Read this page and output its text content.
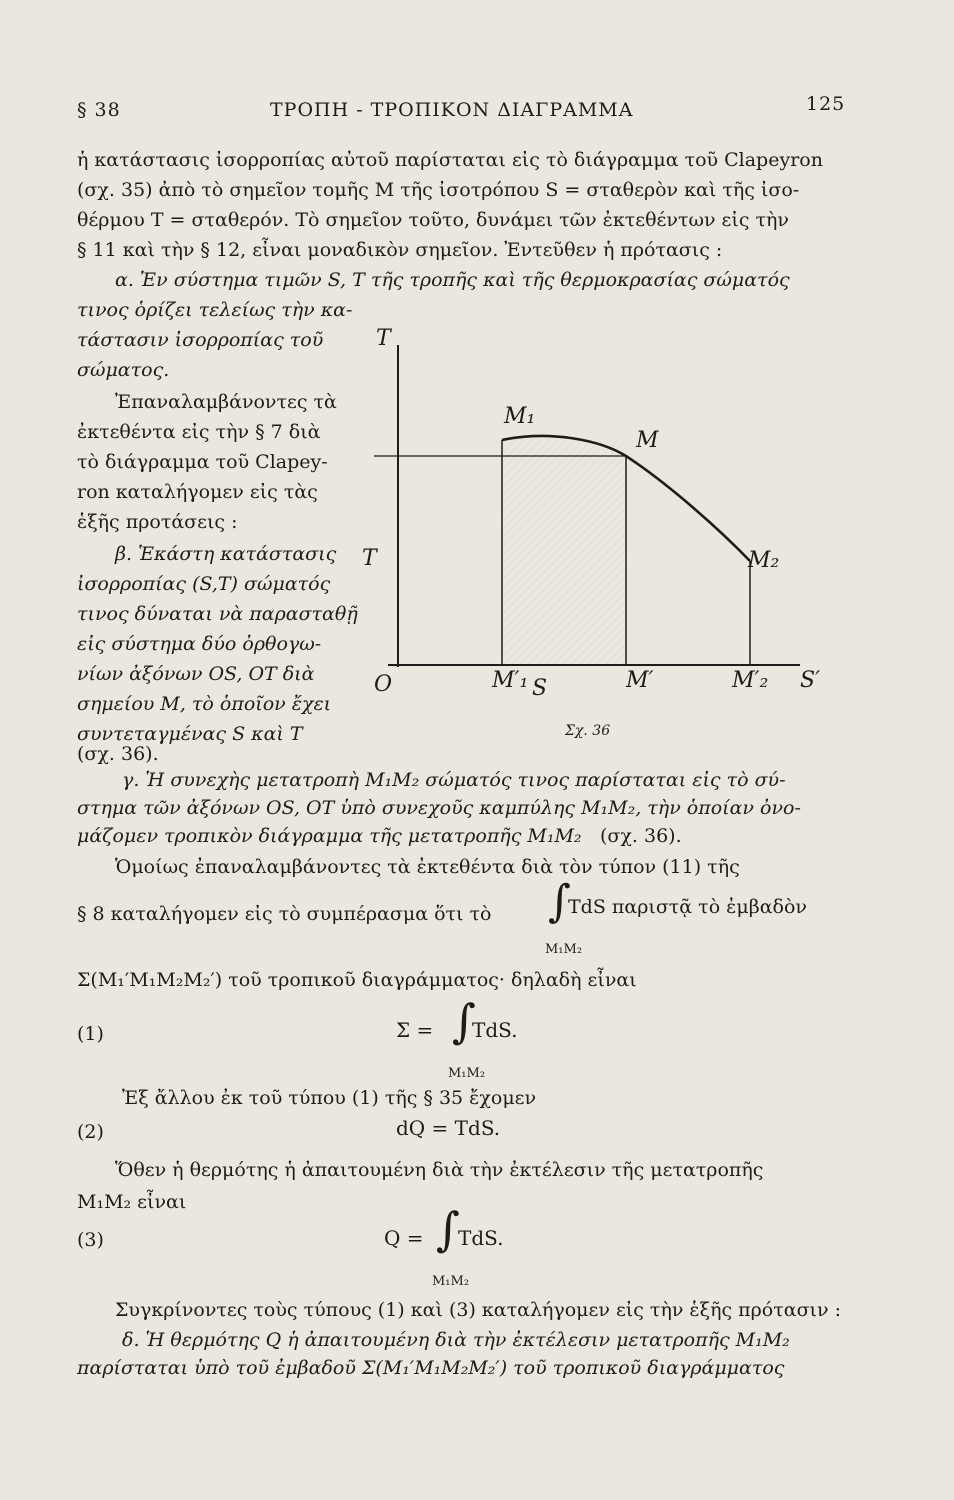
§ 38	ΤΡΟΠΗ - ΤΡΟΠΙΚΟΝ ΔΙΑΓΡΑΜΜΑ	125
ἡ κατάστασις ἰσορροπίας αὐτοῦ παρίσταται εἰς τὸ διάγραμμα τοῦ Clapeyron
(σχ. 35) ἀπὸ τὸ σημεῖον τομῆς M τῆς ἰσοτρόπου S = σταθερὸν καὶ τῆς ἰσο-
θέρμου T = σταθερόν. Τὸ σημεῖον τοῦτο, δυνάμει τῶν ἐκτεθέντων εἰς τὴν
§ 11 καὶ τὴν § 12, εἶναι μοναδικὸν σημεῖον. Ἐντεῦθεν ἡ πρότασις :
α. Ἐν σύστημα τιμῶν S, T τῆς τροπῆς καὶ τῆς θερμοκρασίας σώματός
τινος ὁρίζει τελείως τὴν κα-
τάστασιν ἰσορροπίας τοῦ
σώματος.
Ἐπαναλαμβάνοντες τὰ
ἐκτεθέντα εἰς τὴν § 7 διὰ
τὸ διάγραμμα τοῦ Clapey-
ron καταλήγομεν εἰς τὰς
ἑξῆς προτάσεις :
β. Ἑκάστη κατάστασις
ἰσορροπίας (S,T) σώματός
τινος δύναται νὰ παρασταθῇ
εἰς σύστημα δύο ὀρθογω-
νίων ἀξόνων OS, OT διὰ
σημείου M, τὸ ὁποῖον ἔχει
συντεταγμένας S καὶ T
(σχ. 36).
T
T
O
M₁
M
M₂
M′₁ S	M′	M′₂ S′
Σχ. 36
γ. Ἡ συνεχὴς μετατροπὴ M₁M₂ σώματός τινος παρίσταται εἰς τὸ σύ-
στημα τῶν ἀξόνων OS, OT ὑπὸ συνεχοῦς καμπύλης M₁M₂, τὴν ὁποίαν ὀνο-
μάζομεν τροπικὸν διάγραμμα τῆς μετατροπῆς M₁M₂ (σχ. 36).
Ὁμοίως ἐπαναλαμβάνοντες τὰ ἐκτεθέντα διὰ τὸν τύπον (11) τῆς
§ 8 καταλήγομεν εἰς τὸ συμπέρασμα ὅτι τὸ ∫
TdS παριστᾷ τὸ ἐμβαδὸν
M₁M₂
Σ(M₁′M₁M₂M₂′) τοῦ τροπικοῦ διαγράμματος· δηλαδὴ εἶναι
(1)	Σ = ∫
TdS.
M₁M₂
Ἐξ ἄλλου ἐκ τοῦ τύπου (1) τῆς § 35 ἔχομεν
(2)	dQ = TdS.
Ὅθεν ἡ θερμότης ἡ ἀπαιτουμένη διὰ τὴν ἐκτέλεσιν τῆς μετατροπῆς
M₁M₂ εἶναι
(3)	Q = ∫
TdS.
M₁M₂
Συγκρίνοντες τοὺς τύπους (1) καὶ (3) καταλήγομεν εἰς τὴν ἑξῆς πρότασιν :
δ. Ἡ θερμότης Q ἡ ἀπαιτουμένη διὰ τὴν ἐκτέλεσιν μετατροπῆς M₁M₂
παρίσταται ὑπὸ τοῦ ἐμβαδοῦ Σ(M₁′M₁M₂M₂′) τοῦ τροπικοῦ διαγράμματος
